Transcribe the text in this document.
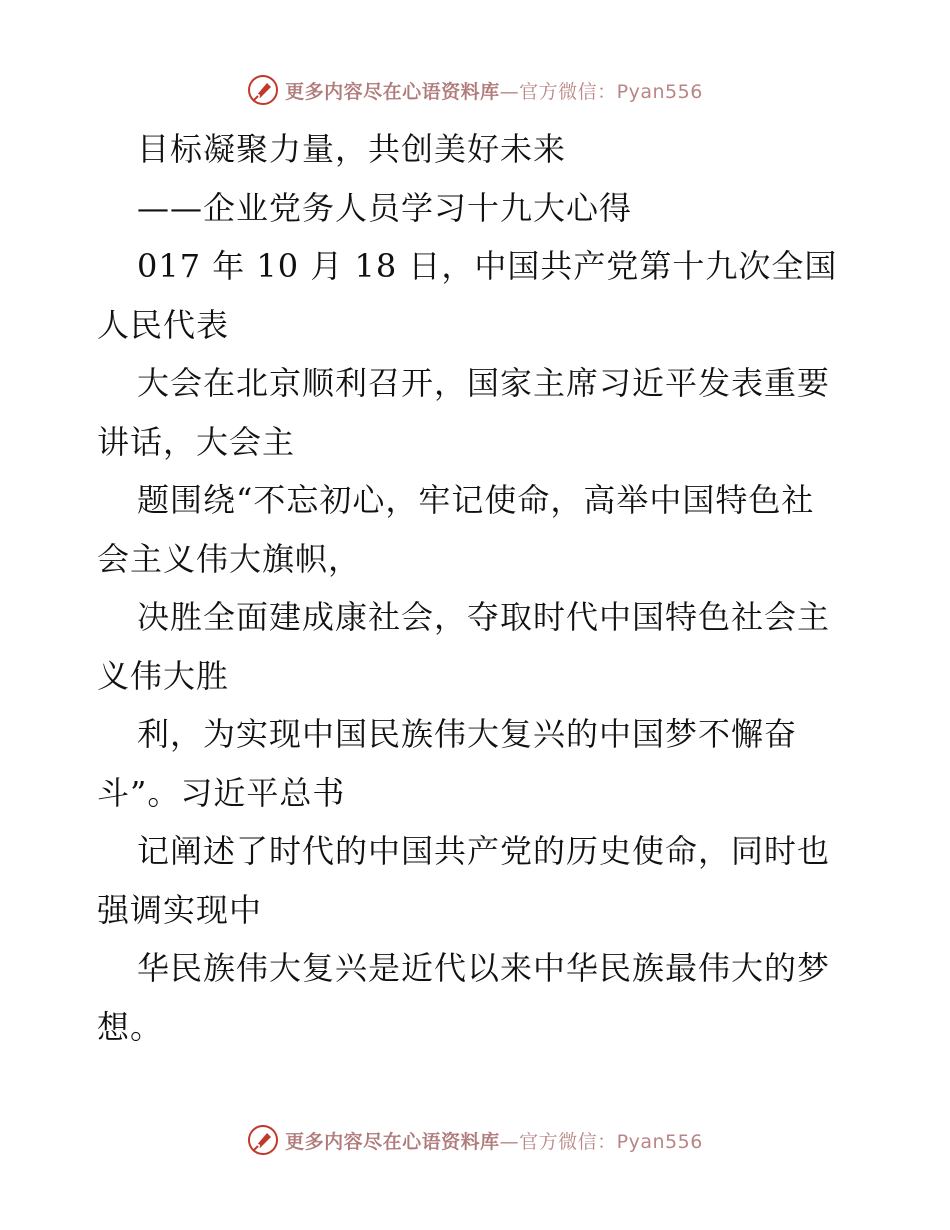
更多内容尽在心语资料库—官方微信：Pyan556
目标凝聚力量，共创美好未来
——企业党务人员学习十九大心得
017 年 10 月 18 日，中国共产党第十九次全国
人民代表
大会在北京顺利召开，国家主席习近平发表重要
讲话，大会主
题围绕“不忘初心，牢记使命，高举中国特色社
会主义伟大旗帜，
决胜全面建成康社会，夺取时代中国特色社会主
义伟大胜
利，为实现中国民族伟大复兴的中国梦不懈奋
斗”。习近平总书
记阐述了时代的中国共产党的历史使命，同时也
强调实现中
华民族伟大复兴是近代以来中华民族最伟大的梦
想。
更多内容尽在心语资料库—官方微信：Pyan556
